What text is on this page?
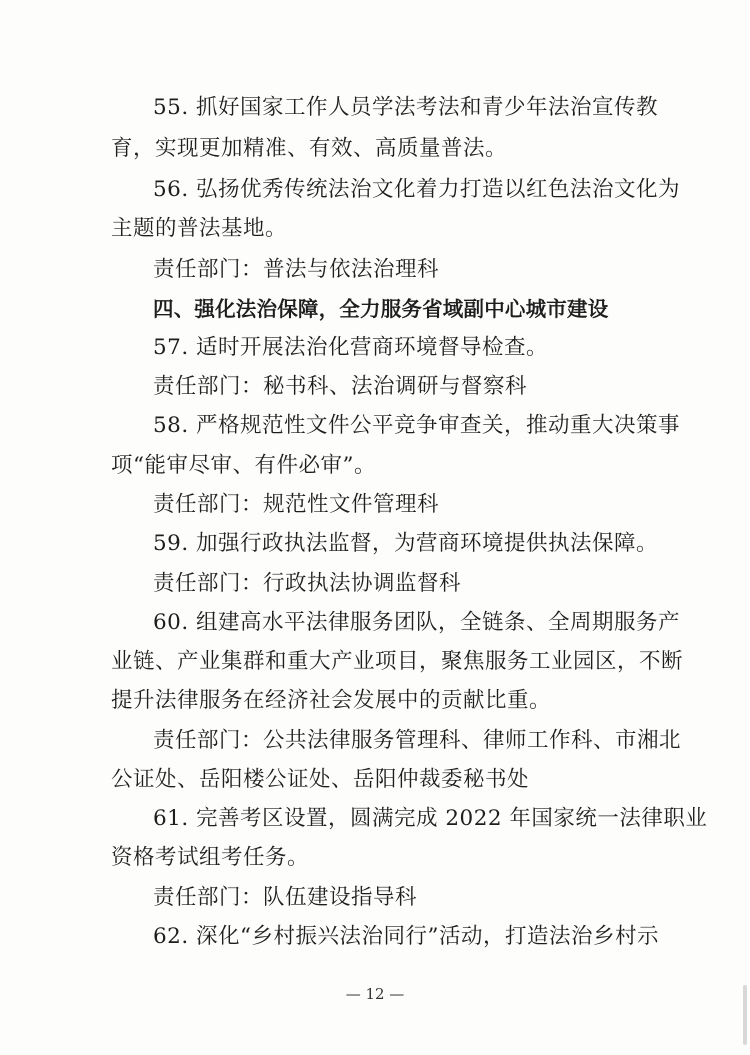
55. 抓好国家工作人员学法考法和青少年法治宣传教
育，实现更加精准、有效、高质量普法。
56. 弘扬优秀传统法治文化着力打造以红色法治文化为
主题的普法基地。
责任部门：普法与依法治理科
四、强化法治保障，全力服务省域副中心城市建设
57. 适时开展法治化营商环境督导检查。
责任部门：秘书科、法治调研与督察科
58. 严格规范性文件公平竞争审查关，推动重大决策事
项“能审尽审、有件必审”。
责任部门：规范性文件管理科
59. 加强行政执法监督，为营商环境提供执法保障。
责任部门：行政执法协调监督科
60. 组建高水平法律服务团队，全链条、全周期服务产
业链、产业集群和重大产业项目，聚焦服务工业园区，不断
提升法律服务在经济社会发展中的贡献比重。
责任部门：公共法律服务管理科、律师工作科、市湘北
公证处、岳阳楼公证处、岳阳仲裁委秘书处
61. 完善考区设置，圆满完成 2022 年国家统一法律职业
资格考试组考任务。
责任部门：队伍建设指导科
62. 深化“乡村振兴法治同行”活动，打造法治乡村示
— 12 —
